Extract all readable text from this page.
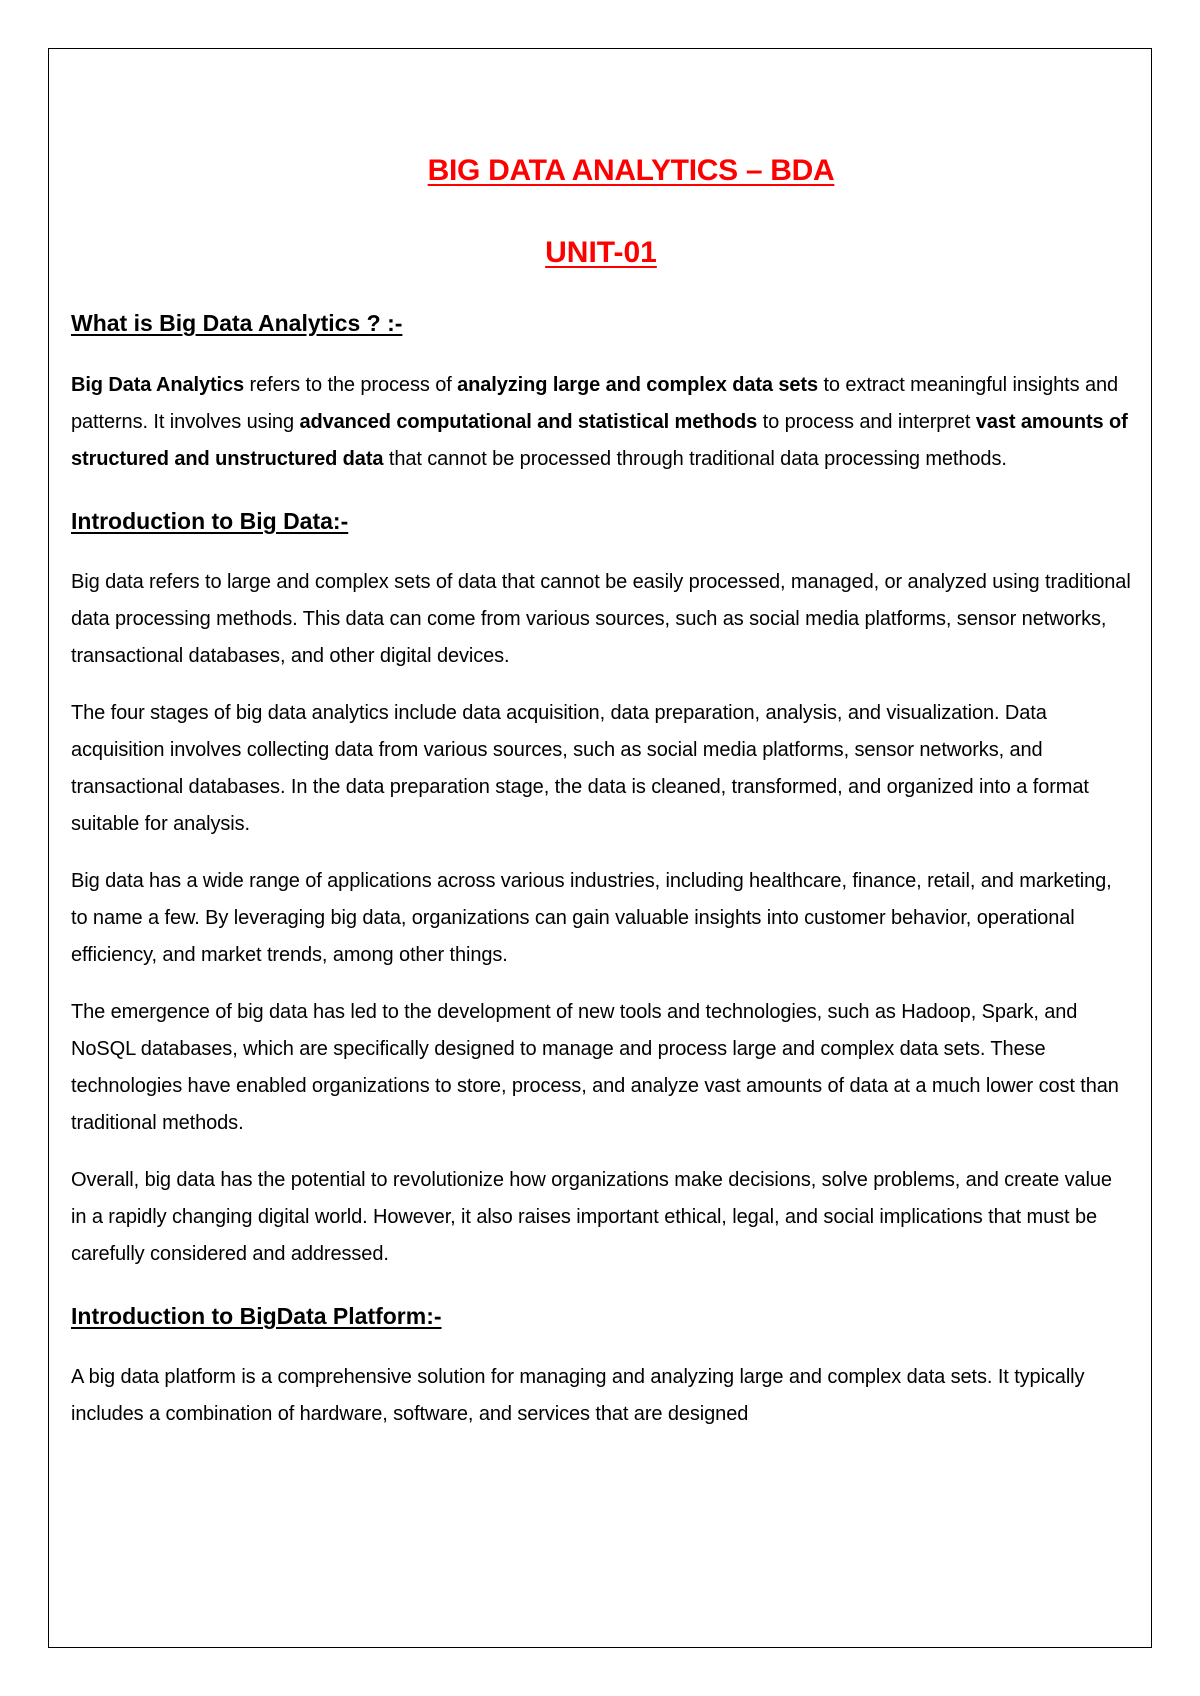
BIG DATA ANALYTICS – BDA
UNIT-01
What is Big Data Analytics ? :-

Big Data Analytics refers to the process of analyzing large and complex data sets to extract meaningful insights and patterns. It involves using advanced computational and statistical methods to process and interpret vast amounts of structured and unstructured data that cannot be processed through traditional data processing methods.

Introduction to Big Data:-

Big data refers to large and complex sets of data that cannot be easily processed, managed, or analyzed using traditional data processing methods. This data can come from various sources, such as social media platforms, sensor networks, transactional databases, and other digital devices.

The four stages of big data analytics include data acquisition, data preparation, analysis, and visualization. Data acquisition involves collecting data from various sources, such as social media platforms, sensor networks, and transactional databases. In the data preparation stage, the data is cleaned, transformed, and organized into a format suitable for analysis.

Big data has a wide range of applications across various industries, including healthcare, finance, retail, and marketing, to name a few. By leveraging big data, organizations can gain valuable insights into customer behavior, operational efficiency, and market trends, among other things.

The emergence of big data has led to the development of new tools and technologies, such as Hadoop, Spark, and NoSQL databases, which are specifically designed to manage and process large and complex data sets. These technologies have enabled organizations to store, process, and analyze vast amounts of data at a much lower cost than traditional methods.

Overall, big data has the potential to revolutionize how organizations make decisions, solve problems, and create value in a rapidly changing digital world. However, it also raises important ethical, legal, and social implications that must be carefully considered and addressed.

Introduction to BigData Platform:-

A big data platform is a comprehensive solution for managing and analyzing large and complex data sets. It typically includes a combination of hardware, software, and services that are designed
